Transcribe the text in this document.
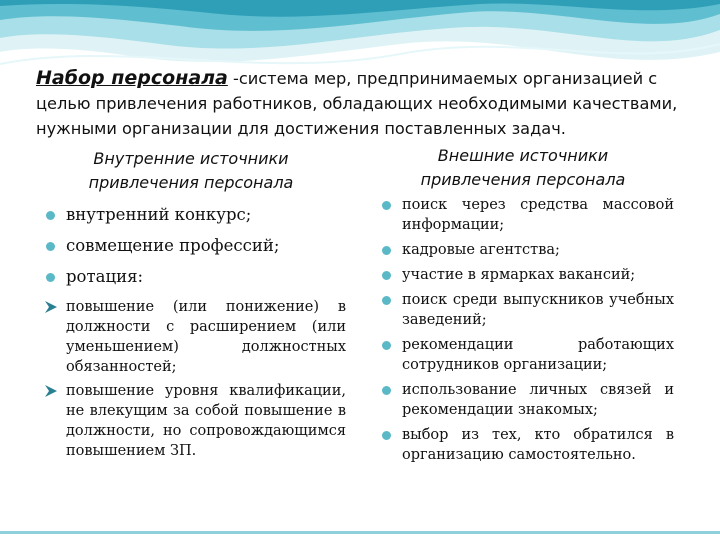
Набор персонала -система мер, предпринимаемых организацией с целью привлечения работников, обладающих необходимыми качествами, нужными организации для достижения поставленных задач.

Внутренние источники
привлечения персонала

внутренний конкурс;
совмещение профессий;
ротация:
повышение (или понижение) в должности с расширением (или уменьшением) должностных обязанностей;
повышение уровня квалификации, не влекущим за собой повышение в должности, но сопровождающимся повышением ЗП.

Внешние источники
привлечения персонала

поиск через средства массовой информации;
кадровые агентства;
участие в ярмарках вакансий;
поиск среди выпускников учебных заведений;
рекомендации работающих сотрудников организации;
использование личных связей и рекомендации знакомых;
выбор из тех, кто обратился в организацию самостоятельно.
